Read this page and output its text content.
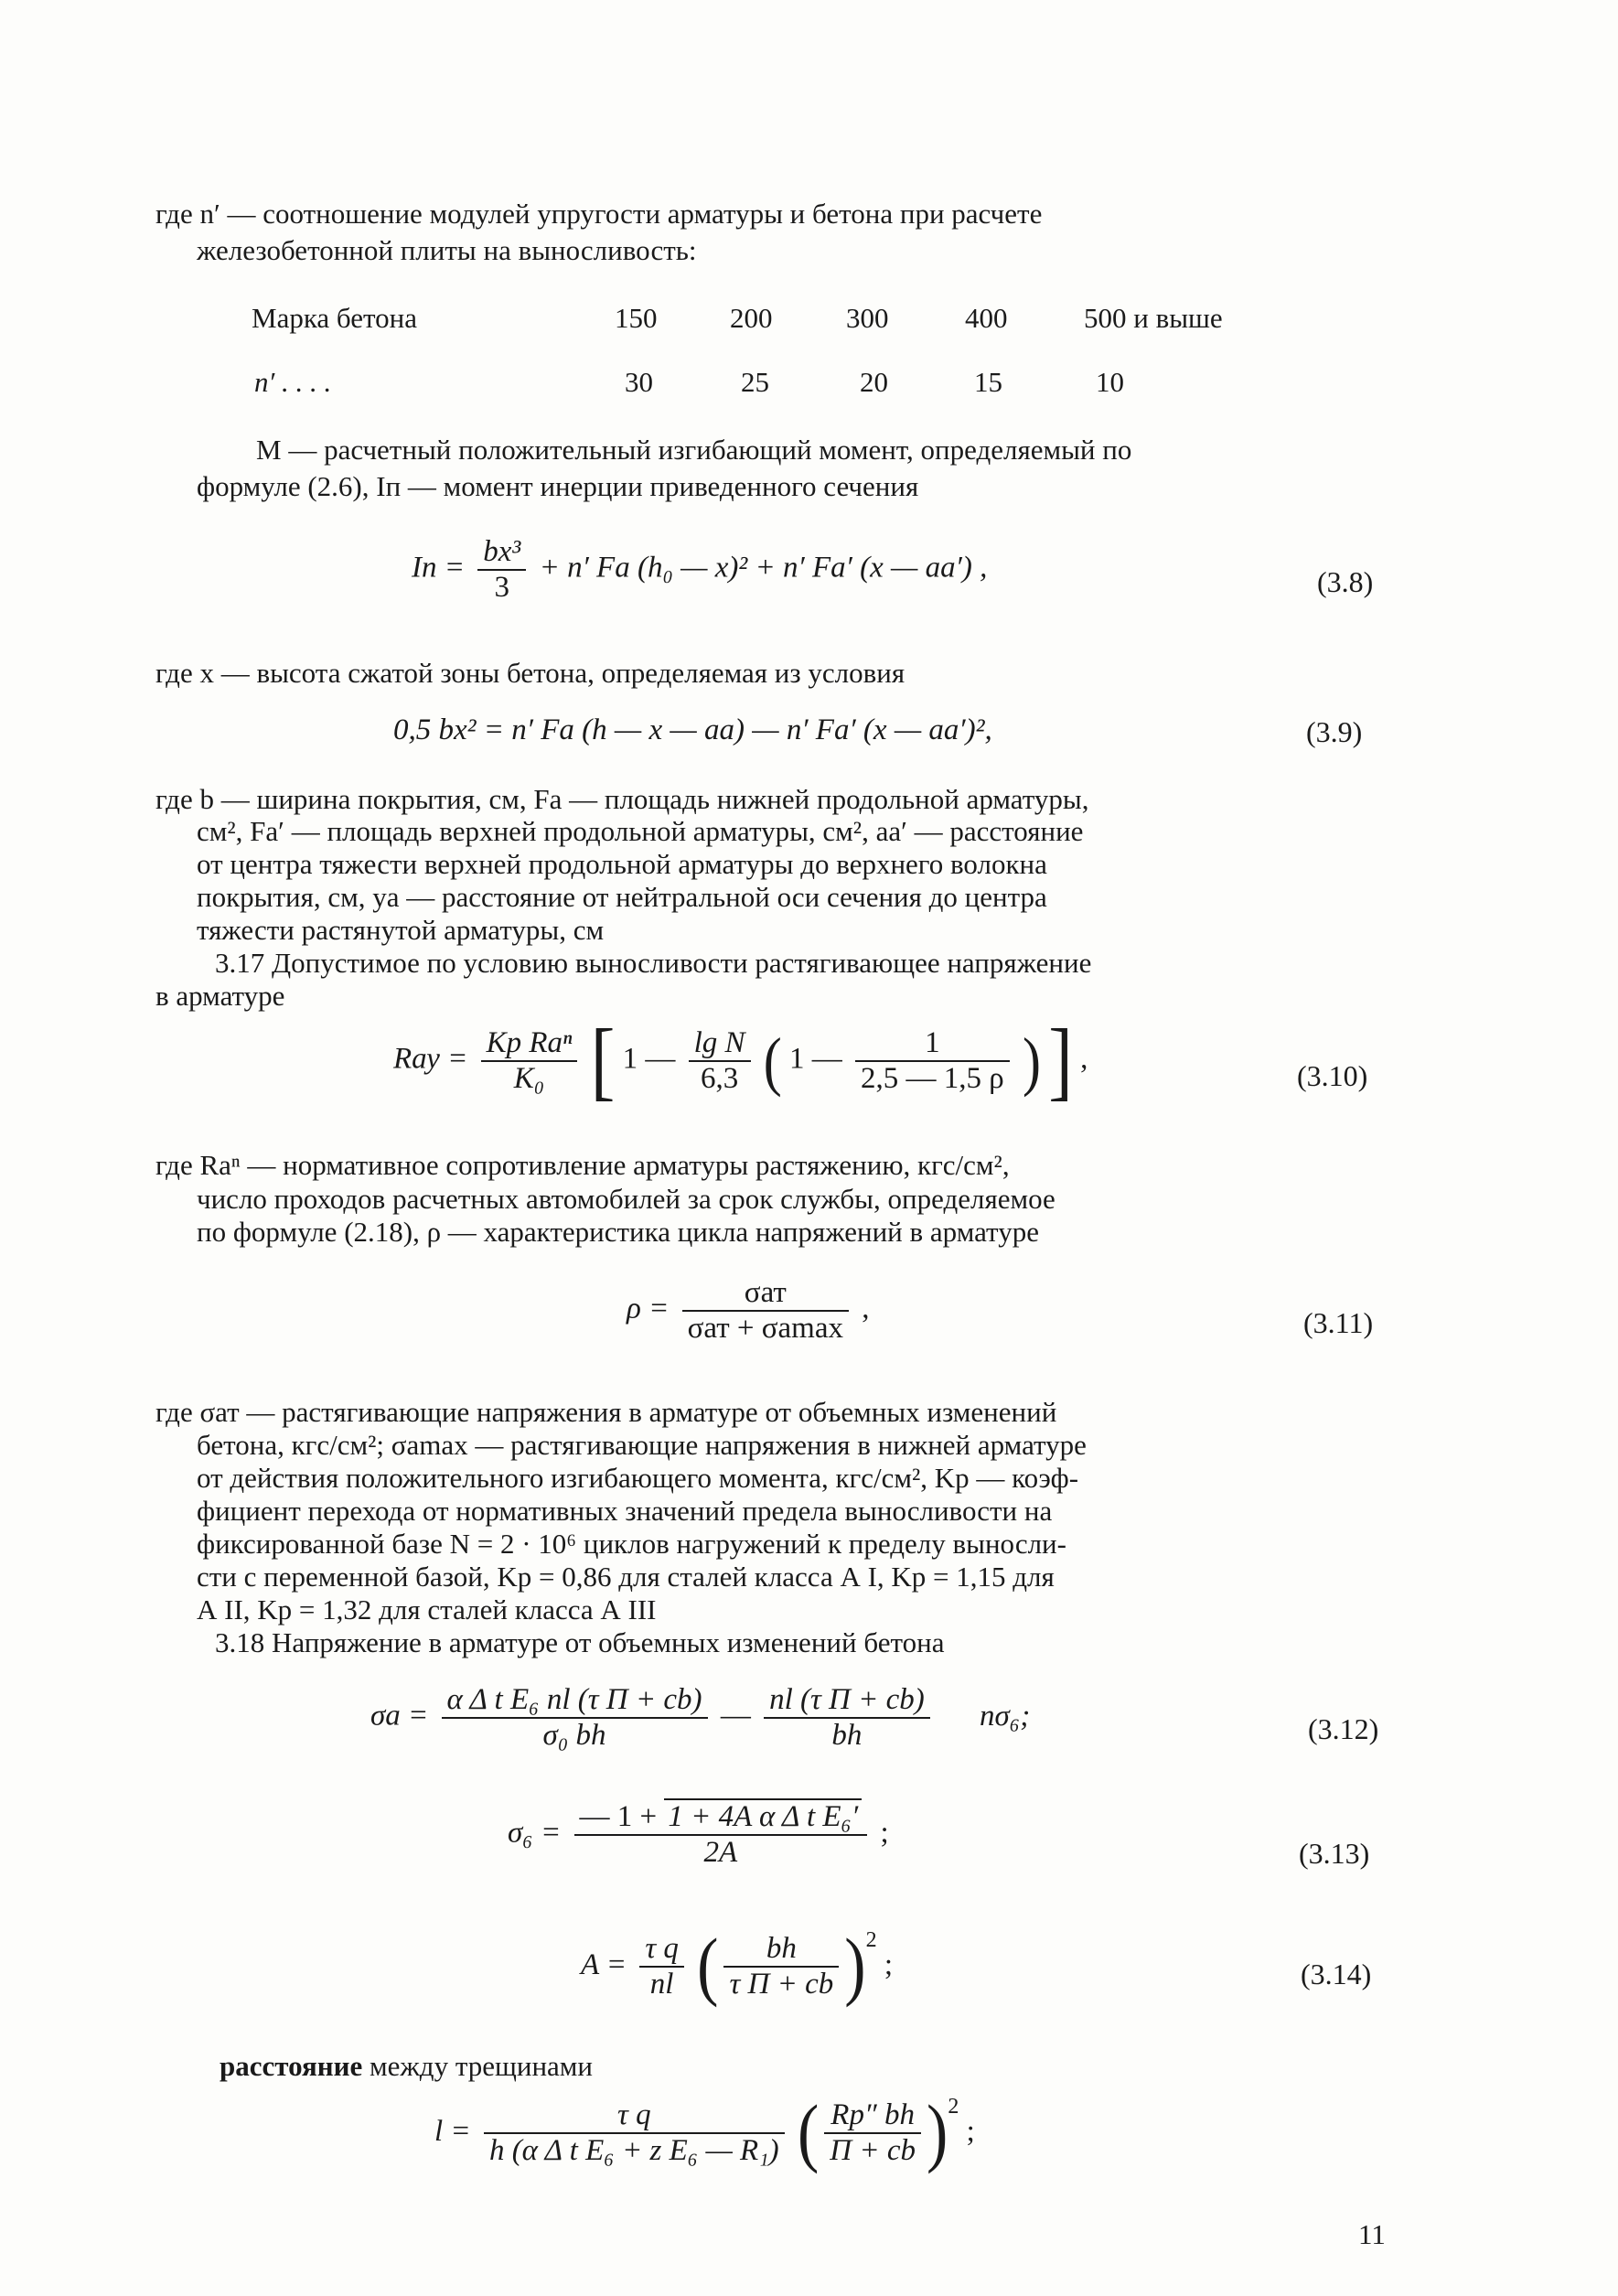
где n′ — соотношение модулей упругости арматуры и бетона при расчете
железобетонной плиты на выносливость:
Марка бетона	150	200	300	400	500 и выше
n′ . . . .	30	25	20	15	10
M — расчетный положительный изгибающий момент, определяемый по
формуле (2.6), Iп — момент инерции приведенного сечения
Iп = $\frac{\text{bx³}}{3} + n'$ Fа (h₀ — x)² + n′ Fа′ (x — aа′) ,	(3.8)
где x — высота сжатой зоны бетона, определяемая из условия
0,5 bx² = n′ Fа (h — x — aа) — n′ Fа′ (x — aа′)²,	(3.9)
где b — ширина покрытия, см, Fа — площадь нижней продольной арматуры,
см², Fа′ — площадь верхней продольной арматуры, см², aа′ — расстояние
от центра тяжести верхней продольной арматуры до верхнего волокна
покрытия, см, yа — расстояние от нейтральной оси сечения до центра
тяжести растянутой арматуры, см
3.17 Допустимое по условию выносливости растягивающее напряжение
в арматуре
Rау = $\frac{\text{Kр Rаⁿ}}{\text{K₀}}$ [ 1 — $\frac{\text{lg N}}{6,3}$ ( 1 — $\frac{1}{2,5 — 1,5 \rho}$ ) ] ,
(3.10)
где Rаⁿ — нормативное сопротивление арматуры растяжению, кгс/см²,
число проходов расчетных автомобилей за срок службы, определяемое
по формуле (2.18), ρ — характеристика цикла напряжений в арматуре
$\rho = \frac{\text{σат}}{\text{σат + σаmax}}$ ,	(3.11)
где σат — растягивающие напряжения в арматуре от объемных изменений
бетона, кгс/см²; σаmax — растягивающие напряжения в нижней арматуре
от действия положительного изгибающего момента, кгс/см², Kр — коэф-
фициент перехода от нормативных значений предела выносливости на
фиксированной базе N = 2 · 10⁶ циклов нагружений к пределу выносли-
сти с переменной базой, Kр = 0,86 для сталей класса А I, Kр = 1,15 для
А II, Kр = 1,32 для сталей класса А III
3.18 Напряжение в арматуре от объемных изменений бетона
$\sigma а = \frac{\text{α Δ t E₆ nl (τ П + cb)}}{\text{σ₀ bh}}$ — $\frac{\text{nl (τ П + cb)}}{bh} n\sigma_6$;	(3.12)
$\sigma_6 = \frac{\text{— 1 + 1 + 4A α Δ t E₆′}}{2A}$ ;
(3.13)
$A = \frac{\text{τ q}}{nl}$ ( $\frac{bh}{\text{τ П + cb}} )^2$ ;	(3.14)
расстояние между трещинами
$l = \frac{\text{τ q}}{\text{h (α Δ t E₆ + z E₆ — R₁)}}$ ( $\frac{Rр'' bh}{П + cb} )^2$ ;
11
